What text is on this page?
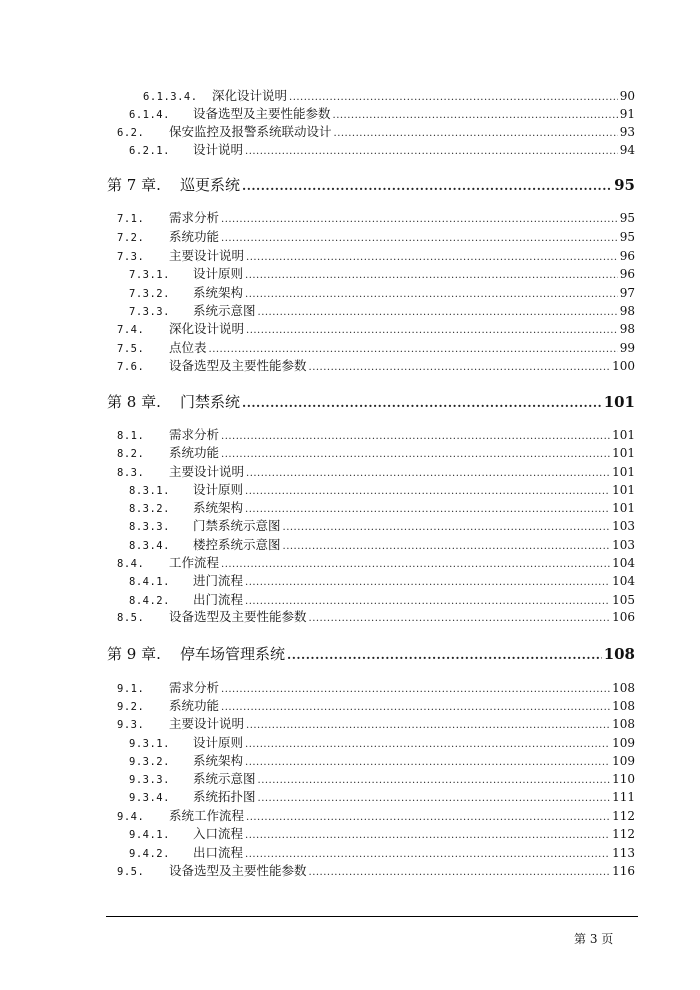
6.1.3.4.	深化设计说明 .....	90
6.1.4.	设备选型及主要性能参数 .....	91
6.2.	保安监控及报警系统联动设计 .....	93
6.2.1.	设计说明 .....	94
第 7 章.	巡更系统 .....	95
7.1.	需求分析 .....	95
7.2.	系统功能 .....	95
7.3.	主要设计说明 .....	96
7.3.1.	设计原则 .....	96
7.3.2.	系统架构 .....	97
7.3.3.	系统示意图 .....	98
7.4.	深化设计说明 .....	98
7.5.	点位表 .....	99
7.6.	设备选型及主要性能参数 .....	100
第 8 章.	门禁系统 .....	101
8.1.	需求分析 .....	101
8.2.	系统功能 .....	101
8.3.	主要设计说明 .....	101
8.3.1.	设计原则 .....	101
8.3.2.	系统架构 .....	101
8.3.3.	门禁系统示意图 .....	103
8.3.4.	楼控系统示意图 .....	103
8.4.	工作流程 .....	104
8.4.1.	进门流程 .....	104
8.4.2.	出门流程 .....	105
8.5.	设备选型及主要性能参数 .....	106
第 9 章.	停车场管理系统 .....	108
9.1.	需求分析 .....	108
9.2.	系统功能 .....	108
9.3.	主要设计说明 .....	108
9.3.1.	设计原则 .....	109
9.3.2.	系统架构 .....	109
9.3.3.	系统示意图 .....	110
9.3.4.	系统拓扑图 .....	111
9.4.	系统工作流程 .....	112
9.4.1.	入口流程 .....	112
9.4.2.	出口流程 .....	113
9.5.	设备选型及主要性能参数 .....	116
第 3 页
